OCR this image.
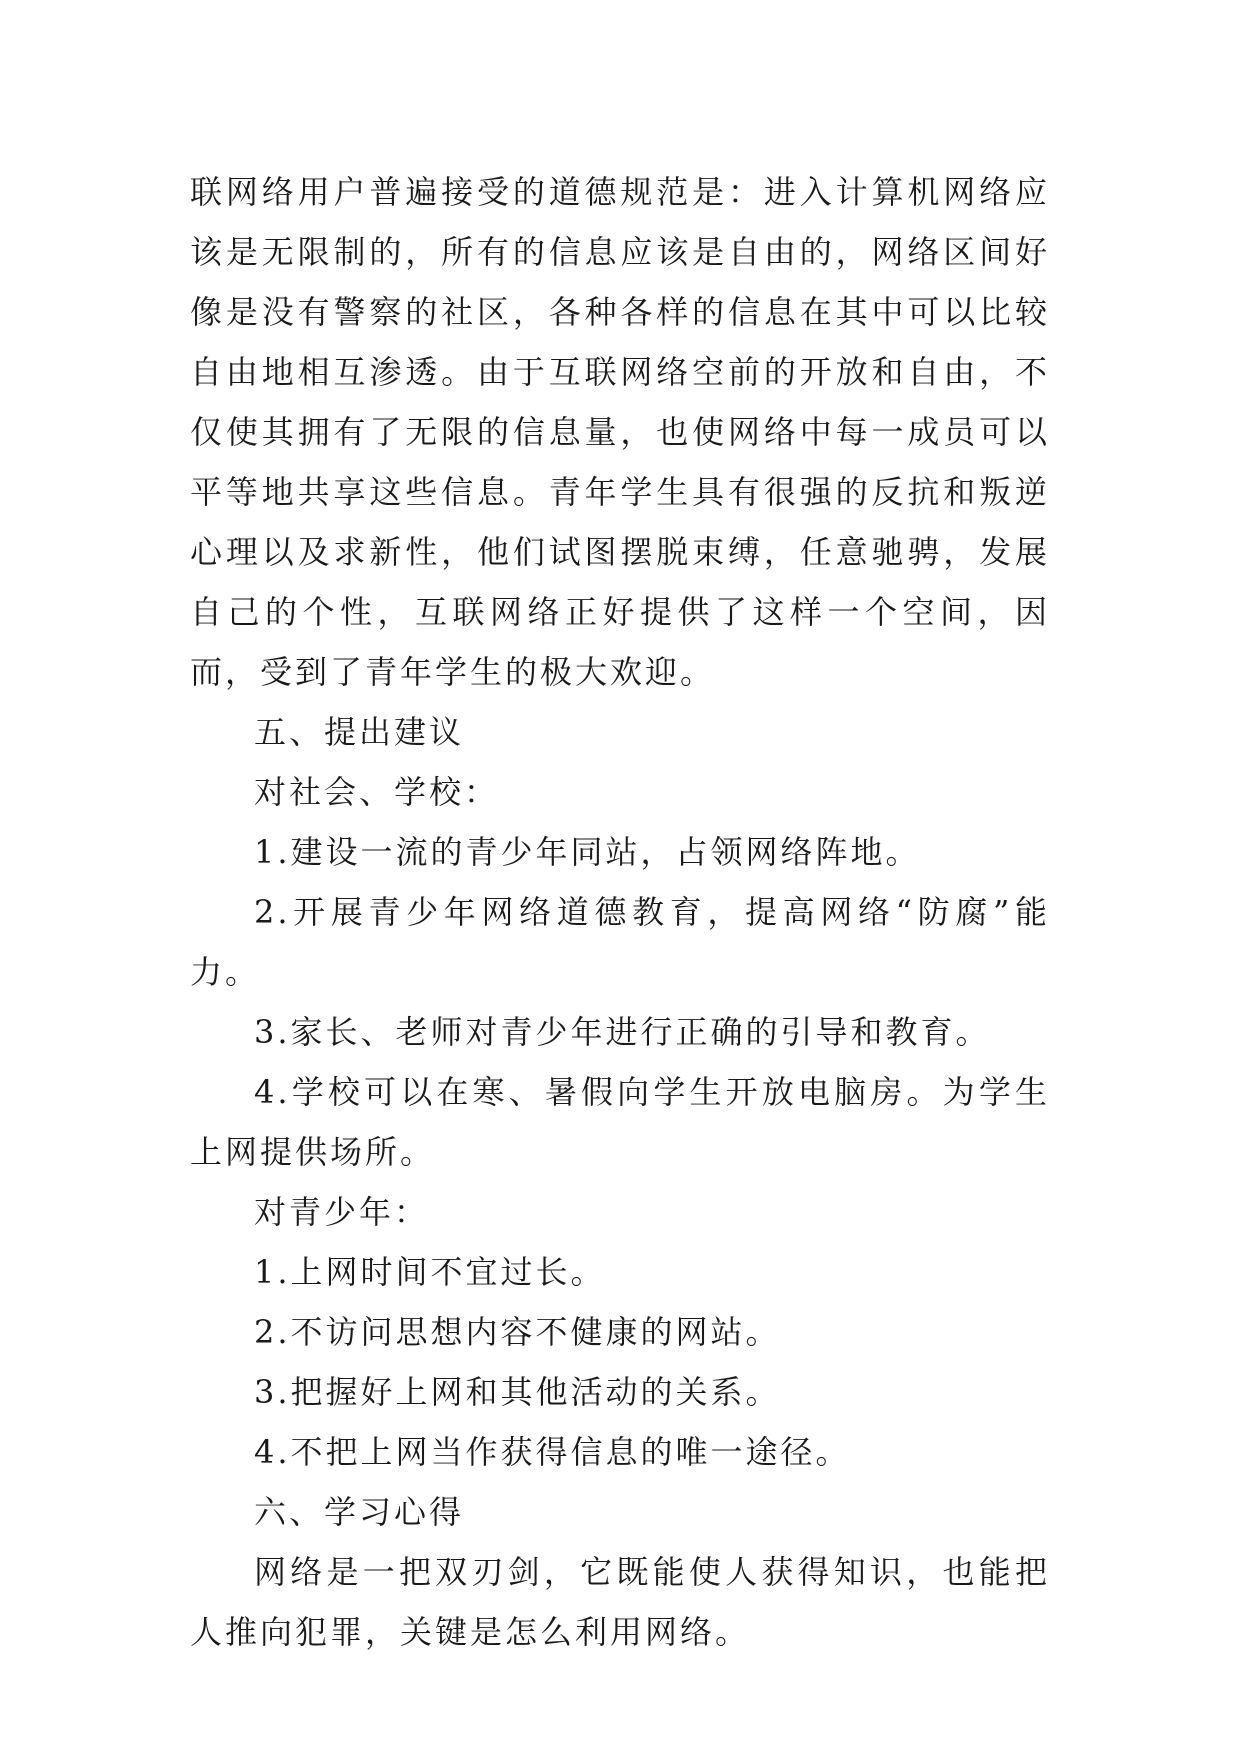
联网络用户普遍接受的道德规范是：进入计算机网络应该是无限制的，所有的信息应该是自由的，网络区间好像是没有警察的社区，各种各样的信息在其中可以比较自由地相互渗透。由于互联网络空前的开放和自由，不仅使其拥有了无限的信息量，也使网络中每一成员可以平等地共享这些信息。青年学生具有很强的反抗和叛逆心理以及求新性，他们试图摆脱束缚，任意驰骋，发展自己的个性，互联网络正好提供了这样一个空间，因而，受到了青年学生的极大欢迎。

五、提出建议

对社会、学校：

1.建设一流的青少年同站，占领网络阵地。

2.开展青少年网络道德教育，提高网络“防腐”能力。

3.家长、老师对青少年进行正确的引导和教育。

4.学校可以在寒、暑假向学生开放电脑房。为学生上网提供场所。

对青少年：

1.上网时间不宜过长。

2.不访问思想内容不健康的网站。

3.把握好上网和其他活动的关系。

4.不把上网当作获得信息的唯一途径。

六、学习心得

网络是一把双刃剑，它既能使人获得知识，也能把人推向犯罪，关键是怎么利用网络。
